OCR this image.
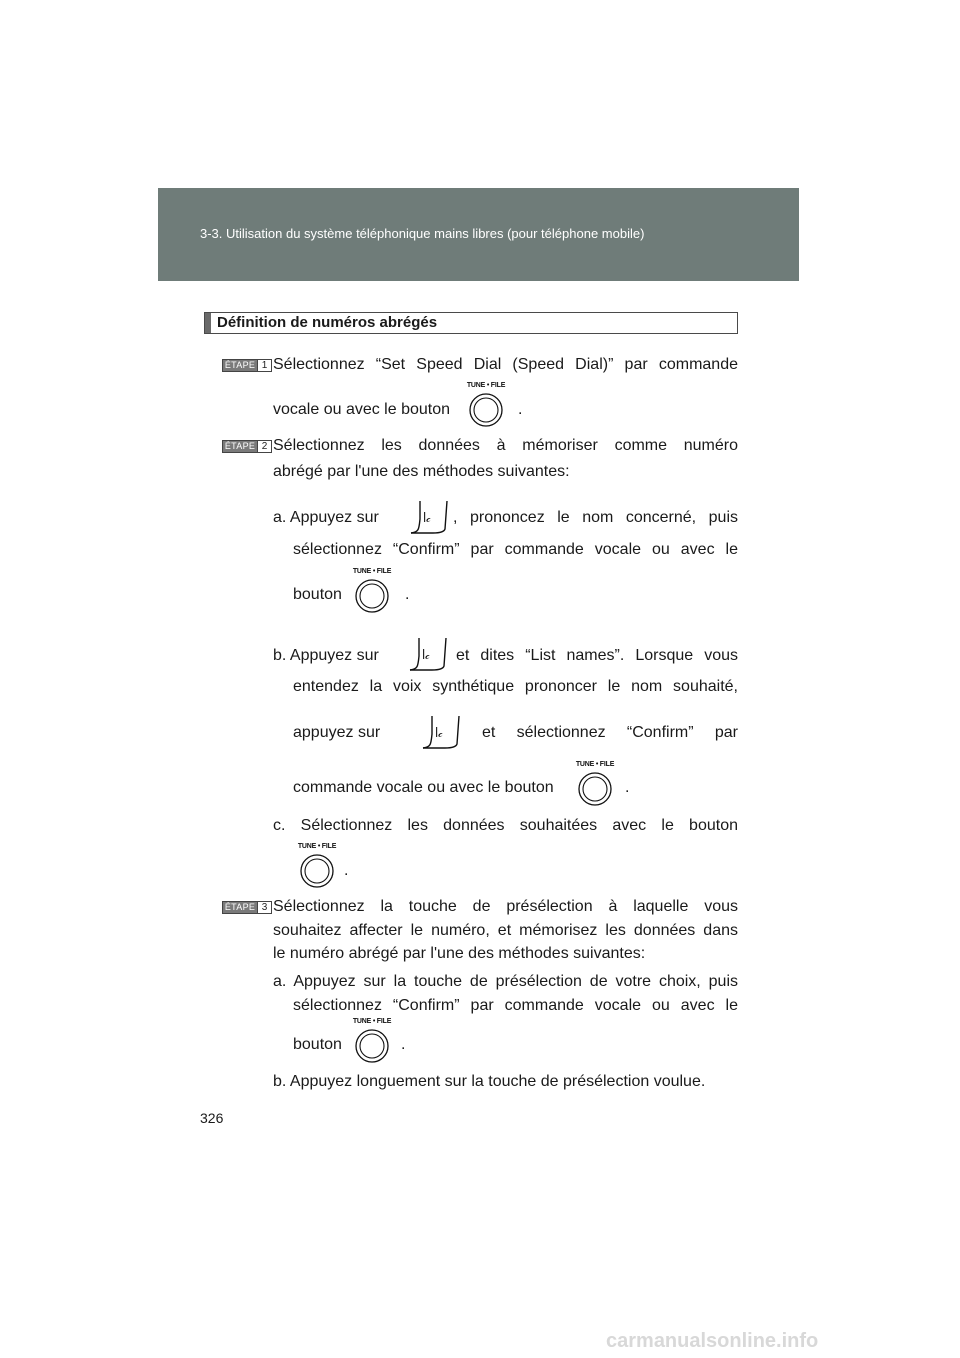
3-3. Utilisation du système téléphonique mains libres (pour téléphone mobile)
Définition de numéros abrégés
ÉTAPE 1 Sélectionnez “Set Speed Dial (Speed Dial)” par commande
vocale ou avec le bouton
TUNE • FILE
.
ÉTAPE 2 Sélectionnez les données à mémoriser comme numéro
abrégé par l'une des méthodes suivantes:
a. Appuyez sur	ꟾ𝒸 , prononcez le nom concerné, puis
sélectionnez “Confirm” par commande vocale ou avec le
bouton
TUNE • FILE
.
b. Appuyez sur	ꟾ𝒸 et dites “List names”. Lorsque vous
entendez la voix synthétique prononcer le nom souhaité,
appuyez sur	ꟾ𝒸 et sélectionnez “Confirm” par
commande vocale ou avec le bouton
TUNE • FILE
.
c. Sélectionnez les données souhaitées avec le bouton
TUNE • FILE
.
ÉTAPE 3 Sélectionnez la touche de présélection à laquelle vous
souhaitez affecter le numéro, et mémorisez les données dans
le numéro abrégé par l'une des méthodes suivantes:
a. Appuyez sur la touche de présélection de votre choix, puis
sélectionnez “Confirm” par commande vocale ou avec le
bouton
TUNE • FILE
.
b. Appuyez longuement sur la touche de présélection voulue.
326
carmanualsonline.info
